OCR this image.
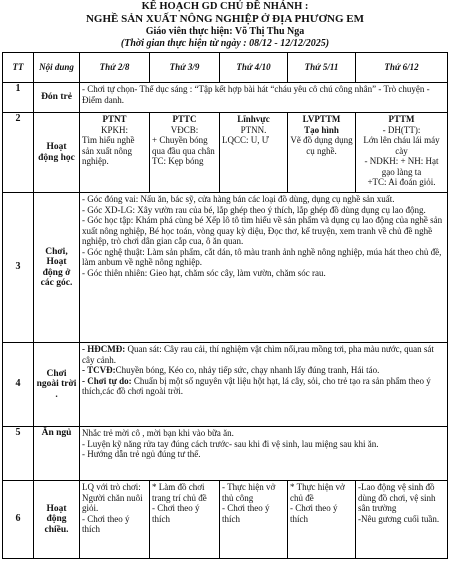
KẾ HOẠCH GD CHỦ ĐỀ NHÁNH :
NGHỀ SẢN XUẤT NÔNG NGHIỆP Ở ĐỊA PHƯƠNG EM
Giáo viên thực hiện: Võ Thị Thu Nga
(Thời gian thực hiện từ ngày : 08/12 - 12/12/2025)
TT	Nội dung	Thứ 2/8	Thứ 3/9	Thứ 4/10	Thứ 5/11	Thứ 6/12
1	Đón trẻ	- Chơi tự chọn- Thể dục sáng : “Tập kết hợp bài hát “cháu yêu cô chú công nhân” - Trò chuyện - Điểm danh.				
2	Hoạt động học	PTNT
KPKH:
Tìm hiểu nghề sản xuất nông nghiệp.	PTTC
VĐCB:
+ Chuyền bóng qua đầu qua chân
TC: Kẹp bóng	Lĩnhvực
PTNN.
LQCC: U, Ư	LVPTTM
Tạo hình
Vẽ đồ dụng dụng cụ nghề.	PTTM
- DH(TT):
Lớn lên cháu lái máy cày
- NDKH: + NH: Hạt gạo làng ta
+TC: Ai đoán giỏi.

3	Chơi, Hoạt động ở các góc.	- Góc đóng vai: Nấu ăn, bác sỹ, cửa hàng bán các loại đồ dùng, dụng cụ nghề sản xuất.
- Góc XD-LG: Xây vườn rau của bé, lắp ghép theo ý thích, lắp ghép đồ dùng dụng cụ lao động.
- Góc học tập: Khám phá cùng bé Xếp lô tô tìm hiểu về sản phẩm và dụng cụ lao động của nghề sản xuất nông nghiệp, Bé học toán, vòng quay kỳ diệu, Đọc thơ, kể truyện, xem tranh về chủ đề nghề nghiệp, trò chơi dân gian cắp cua, ô ăn quan.
- Góc nghệ thuật: Làm sản phẩm, cắt dán, tô màu tranh ảnh nghề nông nghiệp, múa hát theo chủ đề, làm anbum về nghề nông nghiệp.
- Góc thiên nhiên: Gieo hạt, chăm sóc cây, làm vườn, chăm sóc rau.				

4	Chơi ngoài trời .	- HĐCMĐ: Quan sát: Cây rau cải, thí nghiệm vật chìm nổi,rau mồng tơi, pha màu nước, quan sát cây cảnh.
- TCVĐ:Chuyền bóng, Kéo co, nhảy tiếp sức, chạy nhanh lấy đúng tranh, Hái táo.
- Chơi tự do: Chuẩn bị một số nguyên vật liệu hột hạt, lá cây, sỏi, cho trẻ tạo ra sản phẩm theo ý thích,các đồ chơi ngoài trời.				

5	Ăn ngủ	Nhắc trẻ mời cô , mời bạn khi vào bữa ăn.
- Luyện kỹ năng rửa tay đúng cách trước- sau khi đi vệ sinh, lau miệng sau khi ăn.
- Hướng dẫn trẻ ngủ đúng tư thế.				

6	Hoạt động chiều.	LQ với trò chơi: Người chăn nuôi giỏi.
- Chơi theo ý thích	* Làm đồ chơi trang trí chủ đề
- Chơi theo ý thích	- Thực hiện vở thủ công
- Chơi theo ý thích	* Thực hiện vở chủ đề
- Chơi theo ý thích	-Lao động vệ sinh đồ dùng đồ chơi, vệ sinh sân trường
-Nêu gương cuối tuần.
